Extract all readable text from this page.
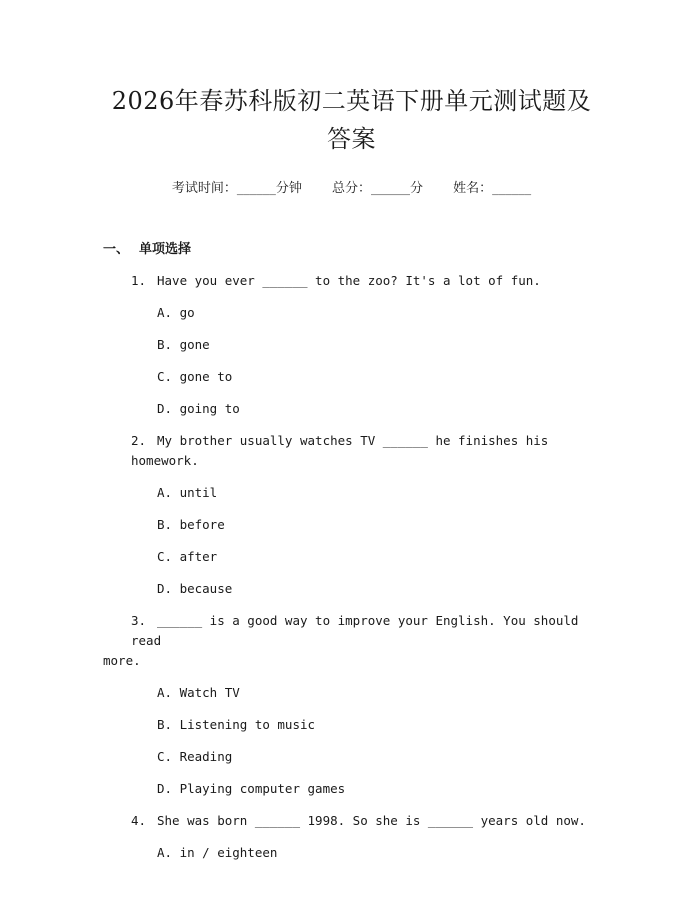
2026年春苏科版初二英语下册单元测试题及
答案
考试时间：______分钟 总分：______分 姓名：______
一、 单项选择
1. Have you ever ______ to the zoo? It's a lot of fun.
A. go
B. gone
C. gone to
D. going to
2. My brother usually watches TV ______ he finishes his homework.
A. until
B. before
C. after
D. because
3. ______ is a good way to improve your English. You should read
more.
A. Watch TV
B. Listening to music
C. Reading
D. Playing computer games
4. She was born ______ 1998. So she is ______ years old now.
A. in / eighteen
